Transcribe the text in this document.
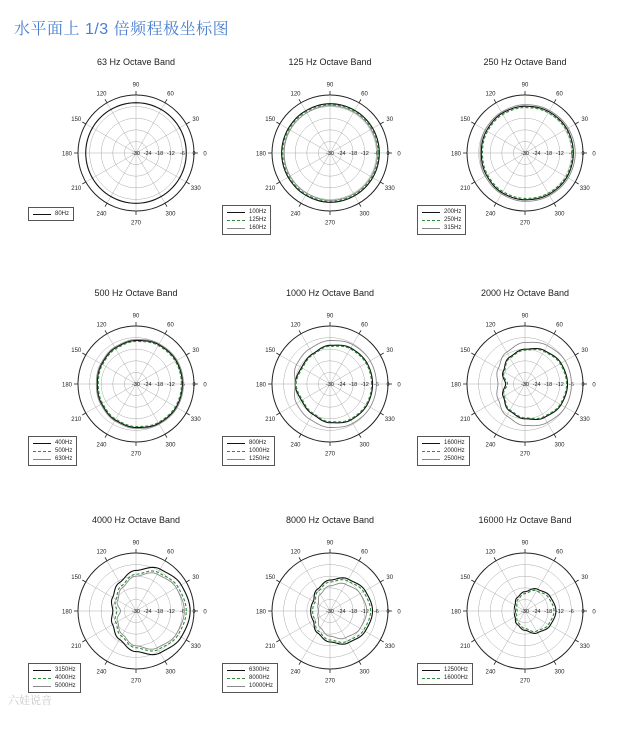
水平面上 1/3 倍频程极坐标图
63 Hz Octave Band
0
30
60
90
120
150
180
210
240
270
300
330
-30 -24 -18 -12 -6 0
80Hz
125 Hz Octave Band
0
30
60
90
120
150
180
210
240
270
300
330
-30 -24 -18 -12 -6 0
100Hz
125Hz
160Hz
250 Hz Octave Band
0
30
60
90
120
150
180
210
240
270
300
330
-30 -24 -18 -12 -6 0
200Hz
250Hz
315Hz
500 Hz Octave Band
0
30
60
90
120
150
180
210
240
270
300
330
-30 -24 -18 -12 -6 0
400Hz
500Hz
630Hz
1000 Hz Octave Band
0
30
60
90
120
150
180
210
240
270
300
330
-30 -24 -18 -12 -6 0
800Hz
1000Hz
1250Hz
2000 Hz Octave Band
0
30
60
90
120
150
180
210
240
270
300
330
-30 -24 -18 -12 -6 0
1600Hz
2000Hz
2500Hz
4000 Hz Octave Band
0
30
60
90
120
150
180
210
240
270
300
330
-30 -24 -18 -12 -6 0
3150Hz
4000Hz
5000Hz
8000 Hz Octave Band
0
30
60
90
120
150
180
210
240
270
300
330
-30 -24 -18 -12 -6 0
6300Hz
8000Hz
10000Hz
16000 Hz Octave Band
0
30
60
90
120
150
180
210
240
270
300
330
-30 -24 -18 -12 -6 0
12500Hz
16000Hz
六娃说音
